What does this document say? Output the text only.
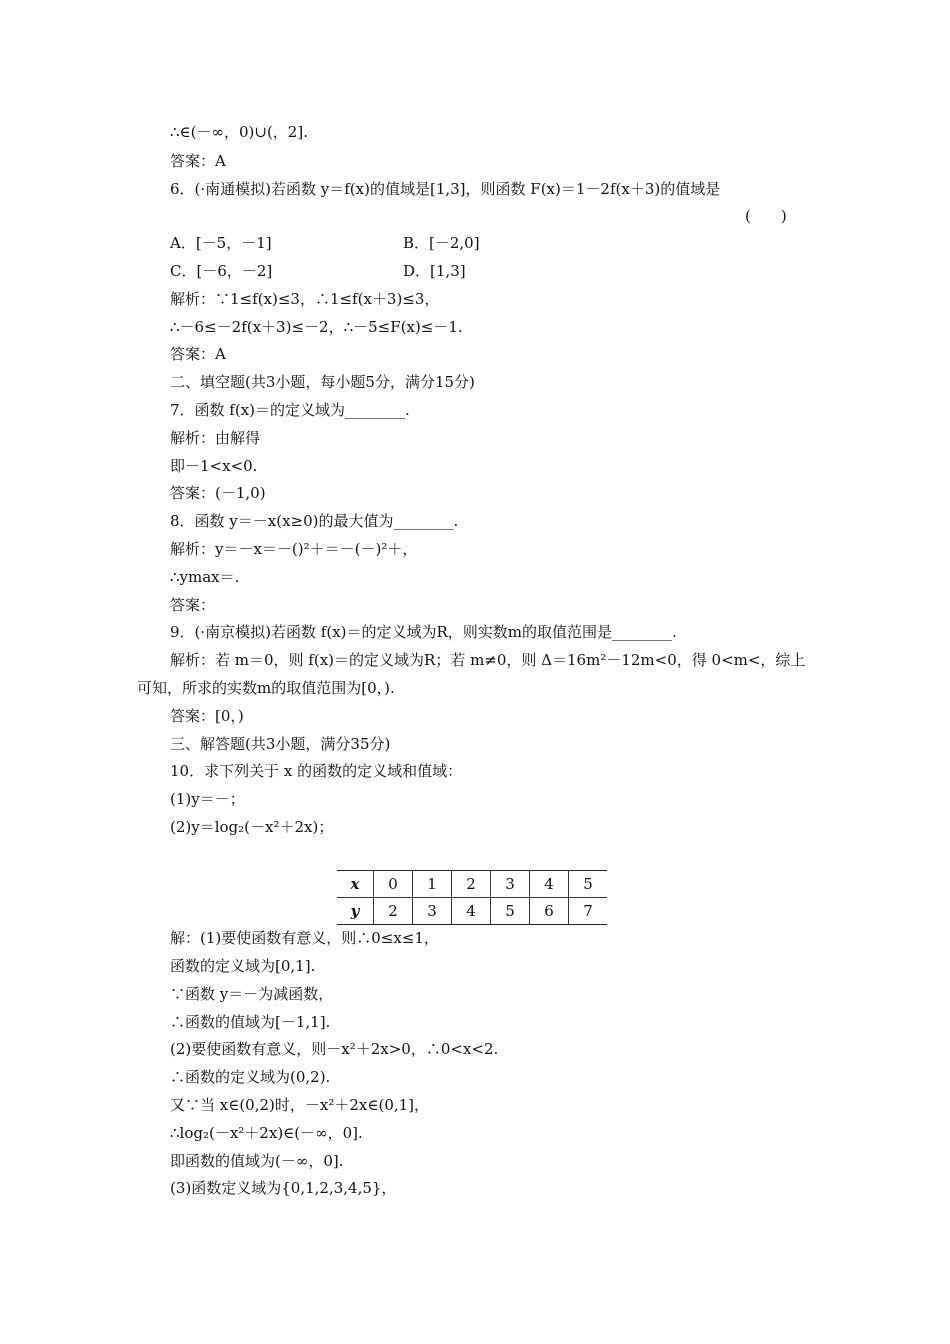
∴∈(－∞，0)∪(，2].
答案：A
6．(·南通模拟)若函数 y＝f(x)的值域是[1,3]，则函数 F(x)＝1－2f(x＋3)的值域是
(　　)
A．[－5，－1]	B．[－2,0]
C．[－6，－2]	D．[1,3]
解析：∵1≤f(x)≤3，∴1≤f(x＋3)≤3，
∴－6≤－2f(x＋3)≤－2，∴－5≤F(x)≤－1.
答案：A
二、填空题(共3小题，每小题5分，满分15分)
7．函数 f(x)＝的定义域为________.
解析：由解得
即－1<x<0.
答案：(－1,0)
8．函数 y＝－x(x≥0)的最大值为________.
解析：y＝－x＝－()²＋＝－(－)²＋，
∴ymax＝.
答案：
9．(·南京模拟)若函数 f(x)＝的定义域为R，则实数m的取值范围是________.
解析：若 m＝0，则 f(x)＝的定义域为R；若 m≠0，则 Δ＝16m²－12m<0，得 0<m<，综上
可知，所求的实数m的取值范围为[0，).
答案：[0，)
三、解答题(共3小题，满分35分)
10．求下列关于 x 的函数的定义域和值域：
(1)y＝－；
(2)y＝log₂(－x²＋2x)；
x	0	1	2	3	4	5
y	2	3	4	5	6	7
解：(1)要使函数有意义，则∴0≤x≤1，
函数的定义域为[0,1].
∵函数 y＝－为减函数，
∴函数的值域为[－1,1].
(2)要使函数有意义，则－x²＋2x>0，∴0<x<2.
∴函数的定义域为(0,2).
又∵当 x∈(0,2)时，－x²＋2x∈(0,1]，
∴log₂(－x²＋2x)∈(－∞，0].
即函数的值域为(－∞，0].
(3)函数定义域为{0,1,2,3,4,5}，
